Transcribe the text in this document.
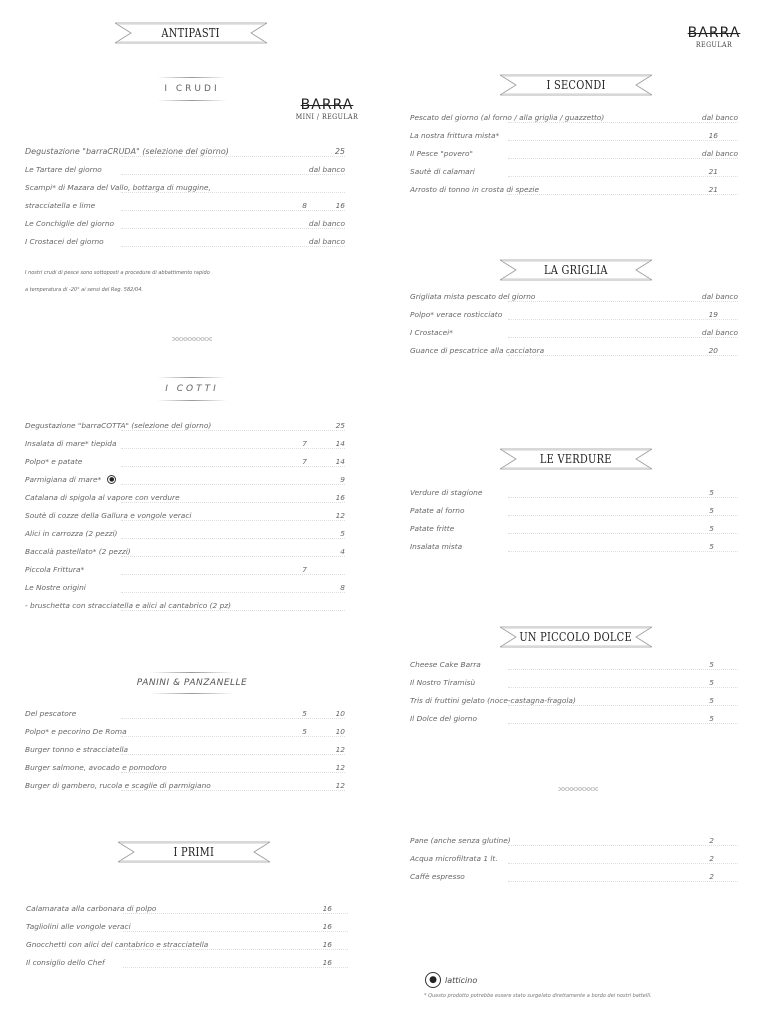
ANTIPASTI
I CRUDI
BARRA
MINI / REGULAR
Degustazione "barraCRUDA" (selezione del giorno)	25
Le Tartare del giorno	dal banco
Scampi* di Mazara del Vallo, bottarga di muggine,
stracciatella e lime	8	16
Le Conchiglie del giorno	dal banco
I Crostacei del giorno	dal banco
I nostri crudi di pesce sono sottoposti a procedure di abbattimento rapido
a temperatura di -20° ai sensi del Reg. 582/04.
I COTTI
Degustazione "barraCOTTA" (selezione del giorno)	25
Insalata di mare* tiepida	7	14
Polpo* e patate	7	14
Parmigiana di mare*	●	9
Catalana di spigola al vapore con verdure	16
Soutè di cozze della Gallura e vongole veraci	12
Alici in carrozza (2 pezzi)	5
Baccalà pastellato* (2 pezzi)	4
Piccola Frittura*	7
Le Nostre origini	8
- bruschetta con stracciatella e alici al cantabrico (2 pz)
PANINI & PANZANELLE
Del pescatore	5	10
Polpo* e pecorino De Roma	5	10
Burger tonno e stracciatella	12
Burger salmone, avocado e pomodoro	12
Burger di gambero, rucola e scaglie di parmigiano	12
I PRIMI
Calamarata alla carbonara di polpo	16
Tagliolini alle vongole veraci	16
Gnocchetti con alici del cantabrico e stracciatella	16
Il consiglio dello Chef	16
BARRA
REGULAR
I SECONDI
Pescato del giorno (al forno / alla griglia / guazzetto)	dal banco
La nostra frittura mista*	16
Il Pesce "povero"	dal banco
Sautè di calamari	21
Arrosto di tonno in crosta di spezie	21
LA GRIGLIA
Grigliata mista pescato del giorno	dal banco
Polpo* verace rosticciato	19
I Crostacei*	dal banco
Guance di pescatrice alla cacciatora	20
LE VERDURE
Verdure di stagione	5
Patate al forno	5
Patate fritte	5
Insalata mista	5
UN PICCOLO DOLCE
Cheese Cake Barra	5
Il Nostro Tiramisù	5
Tris di fruttini gelato (noce-castagna-fragola)	5
Il Dolce del giorno	5
Pane (anche senza glutine)	2
Acqua microfiltrata 1 lt.	2
Caffè espresso	2
●	latticino
* Questo prodotto potrebbe essere stato surgelato direttamente a bordo dei nostri battelli.
